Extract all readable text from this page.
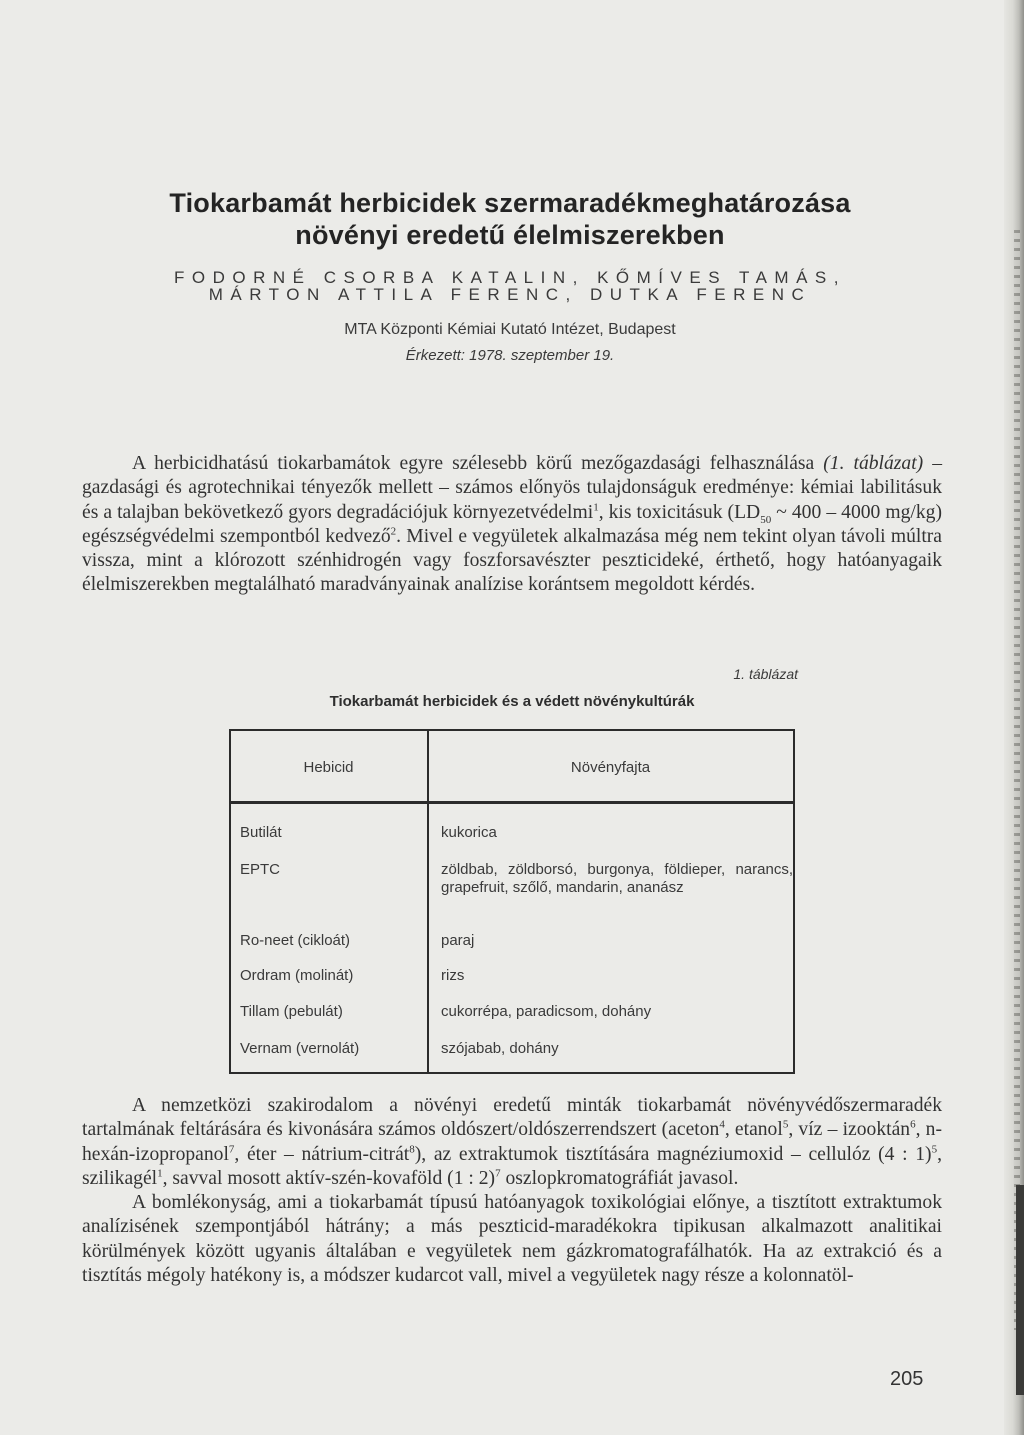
Tiokarbamát herbicidek szermaradékmeghatározása
növényi eredetű élelmiszerekben
FODORNÉ CSORBA KATALIN, KŐMÍVES TAMÁS,
MÁRTON ATTILA FERENC, DUTKA FERENC
MTA Központi Kémiai Kutató Intézet, Budapest
Érkezett: 1978. szeptember 19.

A herbicidhatású tiokarbamátok egyre szélesebb körű mezőgazdasági felhasználása (1. táblázat) – gazdasági és agrotechnikai tényezők mellett – számos előnyös tulajdonságuk eredménye: kémiai labilitásuk és a talajban bekövetkező gyors degradációjuk környezetvédelmi$^1$, kis toxicitásuk ($LD_{50}$ ~ 400 – 4000 mg/kg) egészségvédelmi szempontból kedvező$^2$. Mivel e vegyületek alkalmazása még nem tekint olyan távoli múltra vissza, mint a klórozott szénhidrogén vagy foszforsavészter peszticideké, érthető, hogy hatóanyagaik élelmiszerekben megtalálható maradványainak analízise korántsem megoldott kérdés.

1. táblázat
Tiokarbamát herbicidek és a védett növénykultúrák
Hebicid	Növényfajta
Butilát	kukorica
EPTC	zöldbab, zöldborsó, burgonya, földieper, narancs, grapefruit, szőlő, mandarin, ananász
Ro-neet (cikloát)	paraj
Ordram (molinát)	rizs
Tillam (pebulát)	cukorrépa, paradicsom, dohány
Vernam (vernolát)	szójabab, dohány

A nemzetközi szakirodalom a növényi eredetű minták tiokarbamát növényvédőszermaradék tartalmának feltárására és kivonására számos oldószert/oldószerrendszert (aceton$^4$, etanol$^5$, víz – izooktán$^6$, n-hexán-izopropanol$^7$, éter – nátrium-citrát$^8$), az extraktumok tisztítására magnéziumoxid – cellulóz (4 : 1)$^5$, szilikagél$^1$, savval mosott aktív-szén-kovaföld (1 : 2)$^7$ oszlopkromatográfiát javasol.

A bomlékonyság, ami a tiokarbamát típusú hatóanyagok toxikológiai előnye, a tisztított extraktumok analízisének szempontjából hátrány; a más peszticid-maradékokra tipikusan alkalmazott analitikai körülmények között ugyanis általában e vegyületek nem gázkromatografálhatók. Ha az extrakció és a tisztítás mégoly hatékony is, a módszer kudarcot vall, mivel a vegyületek nagy része a kolonnatöl-

205
